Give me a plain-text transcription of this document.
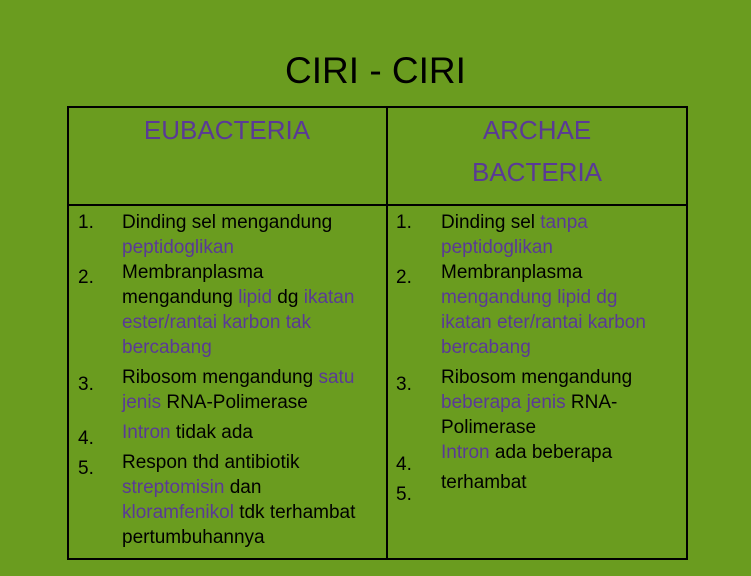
CIRI - CIRI
EUBACTERIA	ARCHAE
BACTERIA
1.
2.
3.
4.
5.
Dinding sel mengandung
peptidoglikan
Membranplasma
mengandung lipid dg ikatan
ester/rantai karbon tak
bercabang
Ribosom mengandung satu
jenis RNA-Polimerase
Intron tidak ada
Respon thd antibiotik
streptomisin dan
kloramfenikol tdk terhambat
pertumbuhannya
1.
2.
3.
4.
5.
Dinding sel tanpa
peptidoglikan
Membranplasma
mengandung lipid dg
ikatan eter/rantai karbon
bercabang
Ribosom mengandung
beberapa jenis RNA-
Polimerase
Intron ada beberapa
terhambat
